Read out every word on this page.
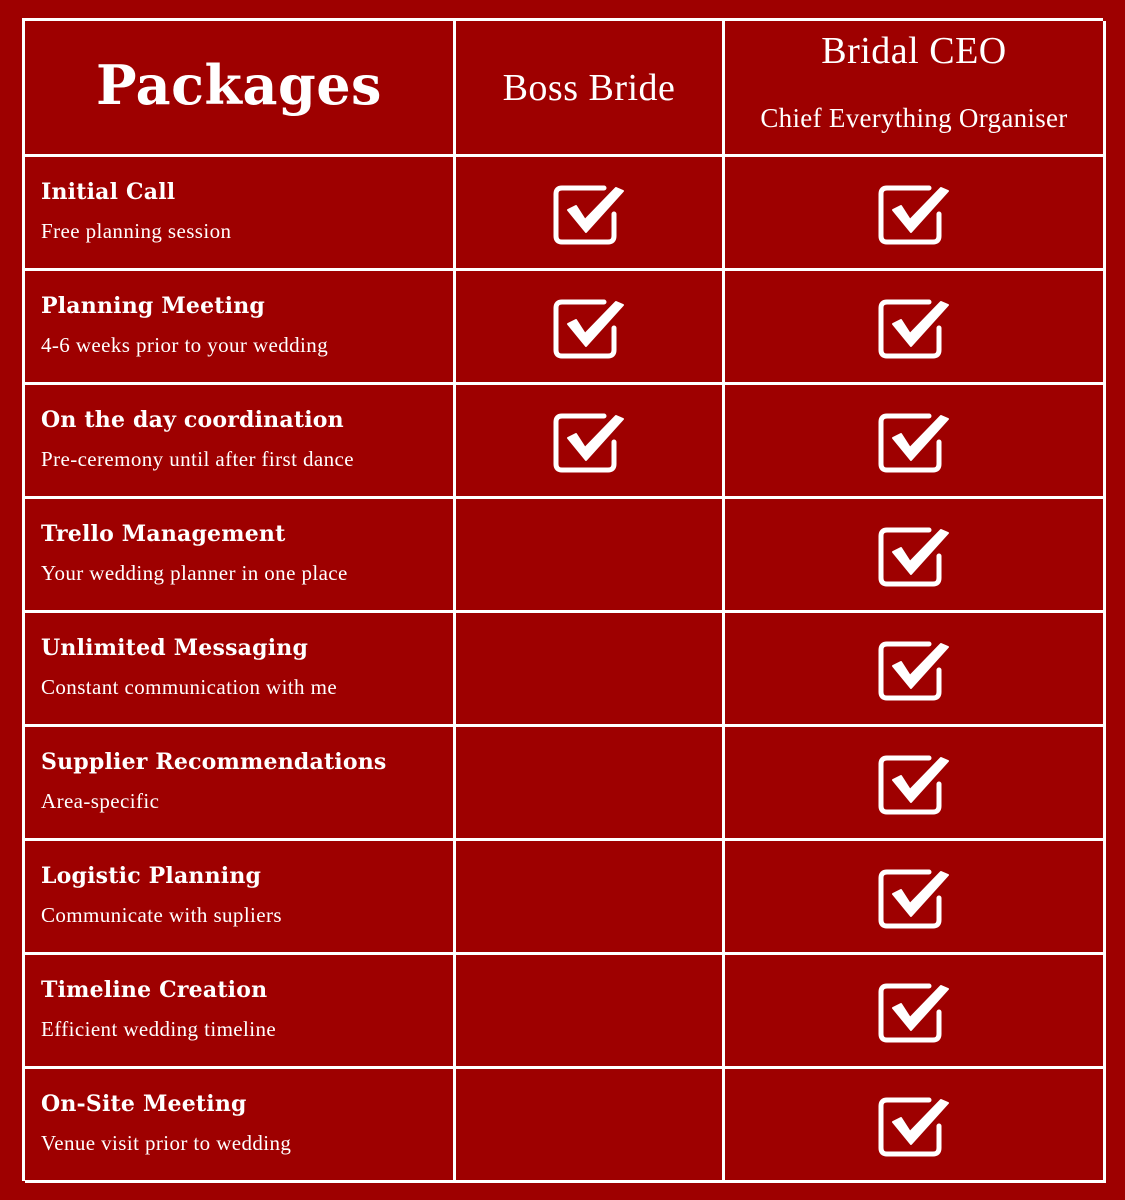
Packages	Boss Bride
Bridal CEO
Chief Everything Organiser
Initial Call
Free planning session
Planning Meeting
4-6 weeks prior to your wedding
On the day coordination
Pre-ceremony until after first dance
Trello Management
Your wedding planner in one place
Unlimited Messaging
Constant communication with me
Supplier Recommendations
Area-specific
Logistic Planning
Communicate with supliers
Timeline Creation
Efficient wedding timeline
On-Site Meeting
Venue visit prior to wedding
